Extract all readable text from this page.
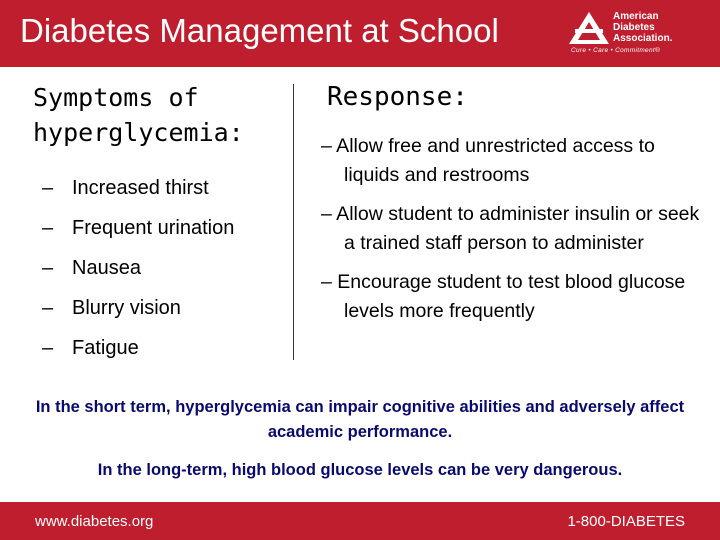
Diabetes Management at School	American
Diabetes
Association.
Cure • Care • Commitment®
Symptoms of
hyperglycemia:
– Increased thirst
– Frequent urination
– Nausea
– Blurry vision
– Fatigue
Response:
– Allow free and unrestricted access to liquids and restrooms
– Allow student to administer insulin or seek a trained staff person to administer
– Encourage student to test blood glucose levels more frequently
In the short term, hyperglycemia can impair cognitive abilities and adversely affect academic performance.
In the long-term, high blood glucose levels can be very dangerous.
www.diabetes.org	1-800-DIABETES
